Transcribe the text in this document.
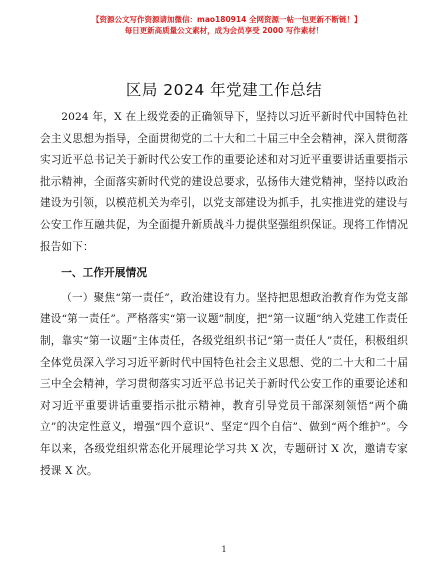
【资源公文写作资源请加微信：mao180914 全网资源一帖一包更新不断链！】
每日更新高质量公文素材，成为会员享受 2000 写作素材！
区局 2024 年党建工作总结

2024 年，X 在上级党委的正确领导下，坚持以习近平新时代中国特色社会主义思想为指导，全面贯彻党的二十大和二十届三中全会精神，深入贯彻落实习近平总书记关于新时代公安工作的重要论述和对习近平重要讲话重要指示批示精神，全面落实新时代党的建设总要求，弘扬伟大建党精神，坚持以政治建设为引领，以模范机关为牵引，以党支部建设为抓手，扎实推进党的建设与公安工作互融共促，为全面提升新质战斗力提供坚强组织保证。现将工作情况报告如下：

一、工作开展情况

（一）聚焦“第一责任”，政治建设有力。坚持把思想政治教育作为党支部建设“第一责任”。严格落实“第一议题”制度，把“第一议题”纳入党建工作责任制，靠实“第一议题”主体责任，各级党组织书记“第一责任人”责任，积极组织全体党员深入学习习近平新时代中国特色社会主义思想、党的二十大和二十届三中全会精神，学习贯彻落实习近平总书记关于新时代公安工作的重要论述和对习近平重要讲话重要指示批示精神，教育引导党员干部深刻领悟“两个确立”的决定性意义，增强“四个意识”、坚定“四个自信”、做到“两个维护”。今年以来，各级党组织常态化开展理论学习共 X 次，专题研讨 X 次，邀请专家授课 X 次。

1
